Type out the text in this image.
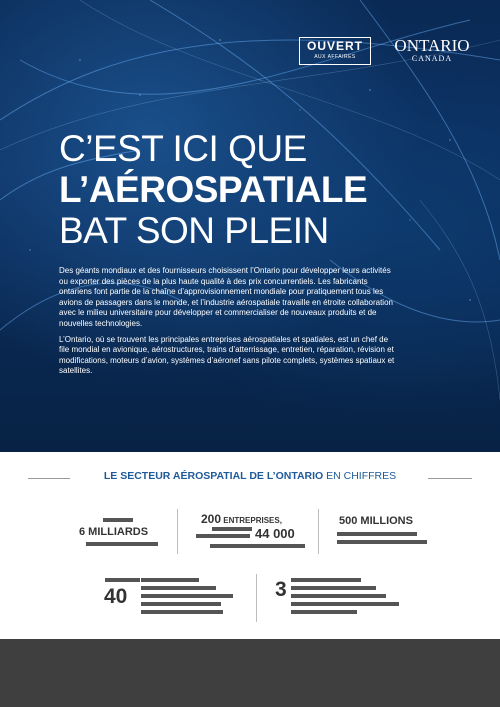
OUVERT
AUX AFFAIRES
ONTARIO
CANADA
C’EST ICI QUE
L’AÉROSPATIALE
BAT SON PLEIN

Des géants mondiaux et des fournisseurs choisissent l’Ontario pour développer leurs activités ou exporter des pièces de la plus haute qualité à des prix concurrentiels. Les fabricants ontariens font partie de la chaîne d’approvisionnement mondiale pour pratiquement tous les avions de passagers dans le monde, et l’industrie aérospatiale travaille en étroite collaboration avec le milieu universitaire pour développer et commercialiser de nouveaux produits et de nouvelles technologies.

L’Ontario, où se trouvent les principales entreprises aérospatiales et spatiales, est un chef de file mondial en avionique, aérostructures, trains d’atterrissage, entretien, réparation, révision et modifications, moteurs d’avion, systèmes d’aéronef sans pilote complets, systèmes spatiaux et satellites.

LE SECTEUR AÉROSPATIAL DE L’ONTARIO EN CHIFFRES
6 MILLIARDS
200 ENTREPRISES,
44 000
500 MILLIONS
40	3
